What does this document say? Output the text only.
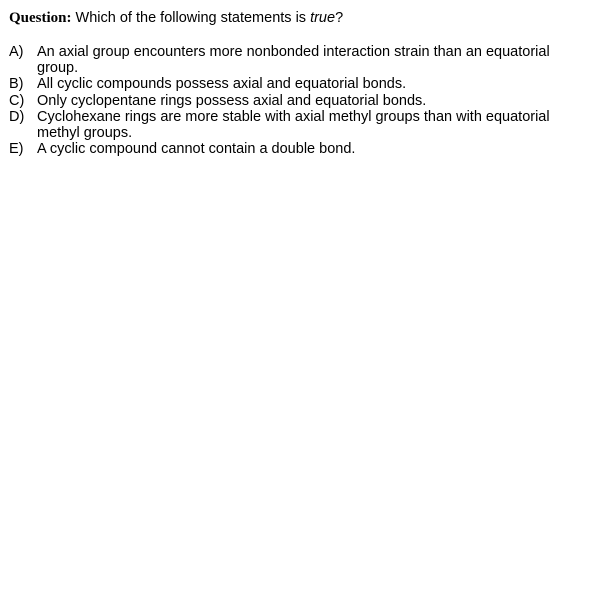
Question: Which of the following statements is true?

A) An axial group encounters more nonbonded interaction strain than an equatorial group.
B) All cyclic compounds possess axial and equatorial bonds.
C) Only cyclopentane rings possess axial and equatorial bonds.
D) Cyclohexane rings are more stable with axial methyl groups than with equatorial methyl groups.
E) A cyclic compound cannot contain a double bond.
